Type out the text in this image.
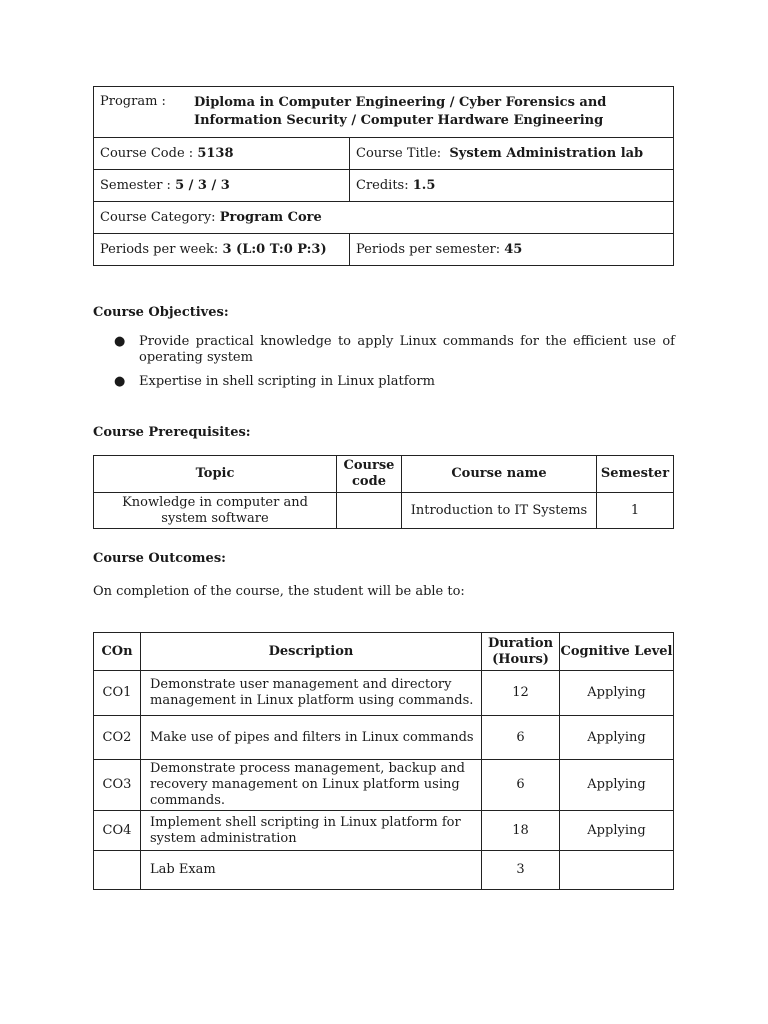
Program : Diploma in Computer Engineering / Cyber Forensics and Information Security / Computer Hardware Engineering	

Course Code : 5138	Course Title: System Administration lab
Semester : 5 / 3 / 3	Credits: 1.5
Course Category: Program Core	
Periods per week: 3 (L:0 T:0 P:3)	Periods per semester: 45
Course Objectives:
● Provide practical knowledge to apply Linux commands for the efficient use of operating system
● Expertise in shell scripting in Linux platform
Course Prerequisites:
Topic	Course code	Course name	Semester
Knowledge in computer and system software		Introduction to IT Systems	1
Course Outcomes:
On completion of the course, the student will be able to:
COn	Description	Duration (Hours)	Cognitive Level
CO1	Demonstrate user management and directory management in Linux platform using commands.	12	Applying
CO2	Make use of pipes and filters in Linux commands	6	Applying
CO3	Demonstrate process management, backup and recovery management on Linux platform using commands.	6	Applying
CO4	Implement shell scripting in Linux platform for system administration	18	Applying
	Lab Exam	3	
